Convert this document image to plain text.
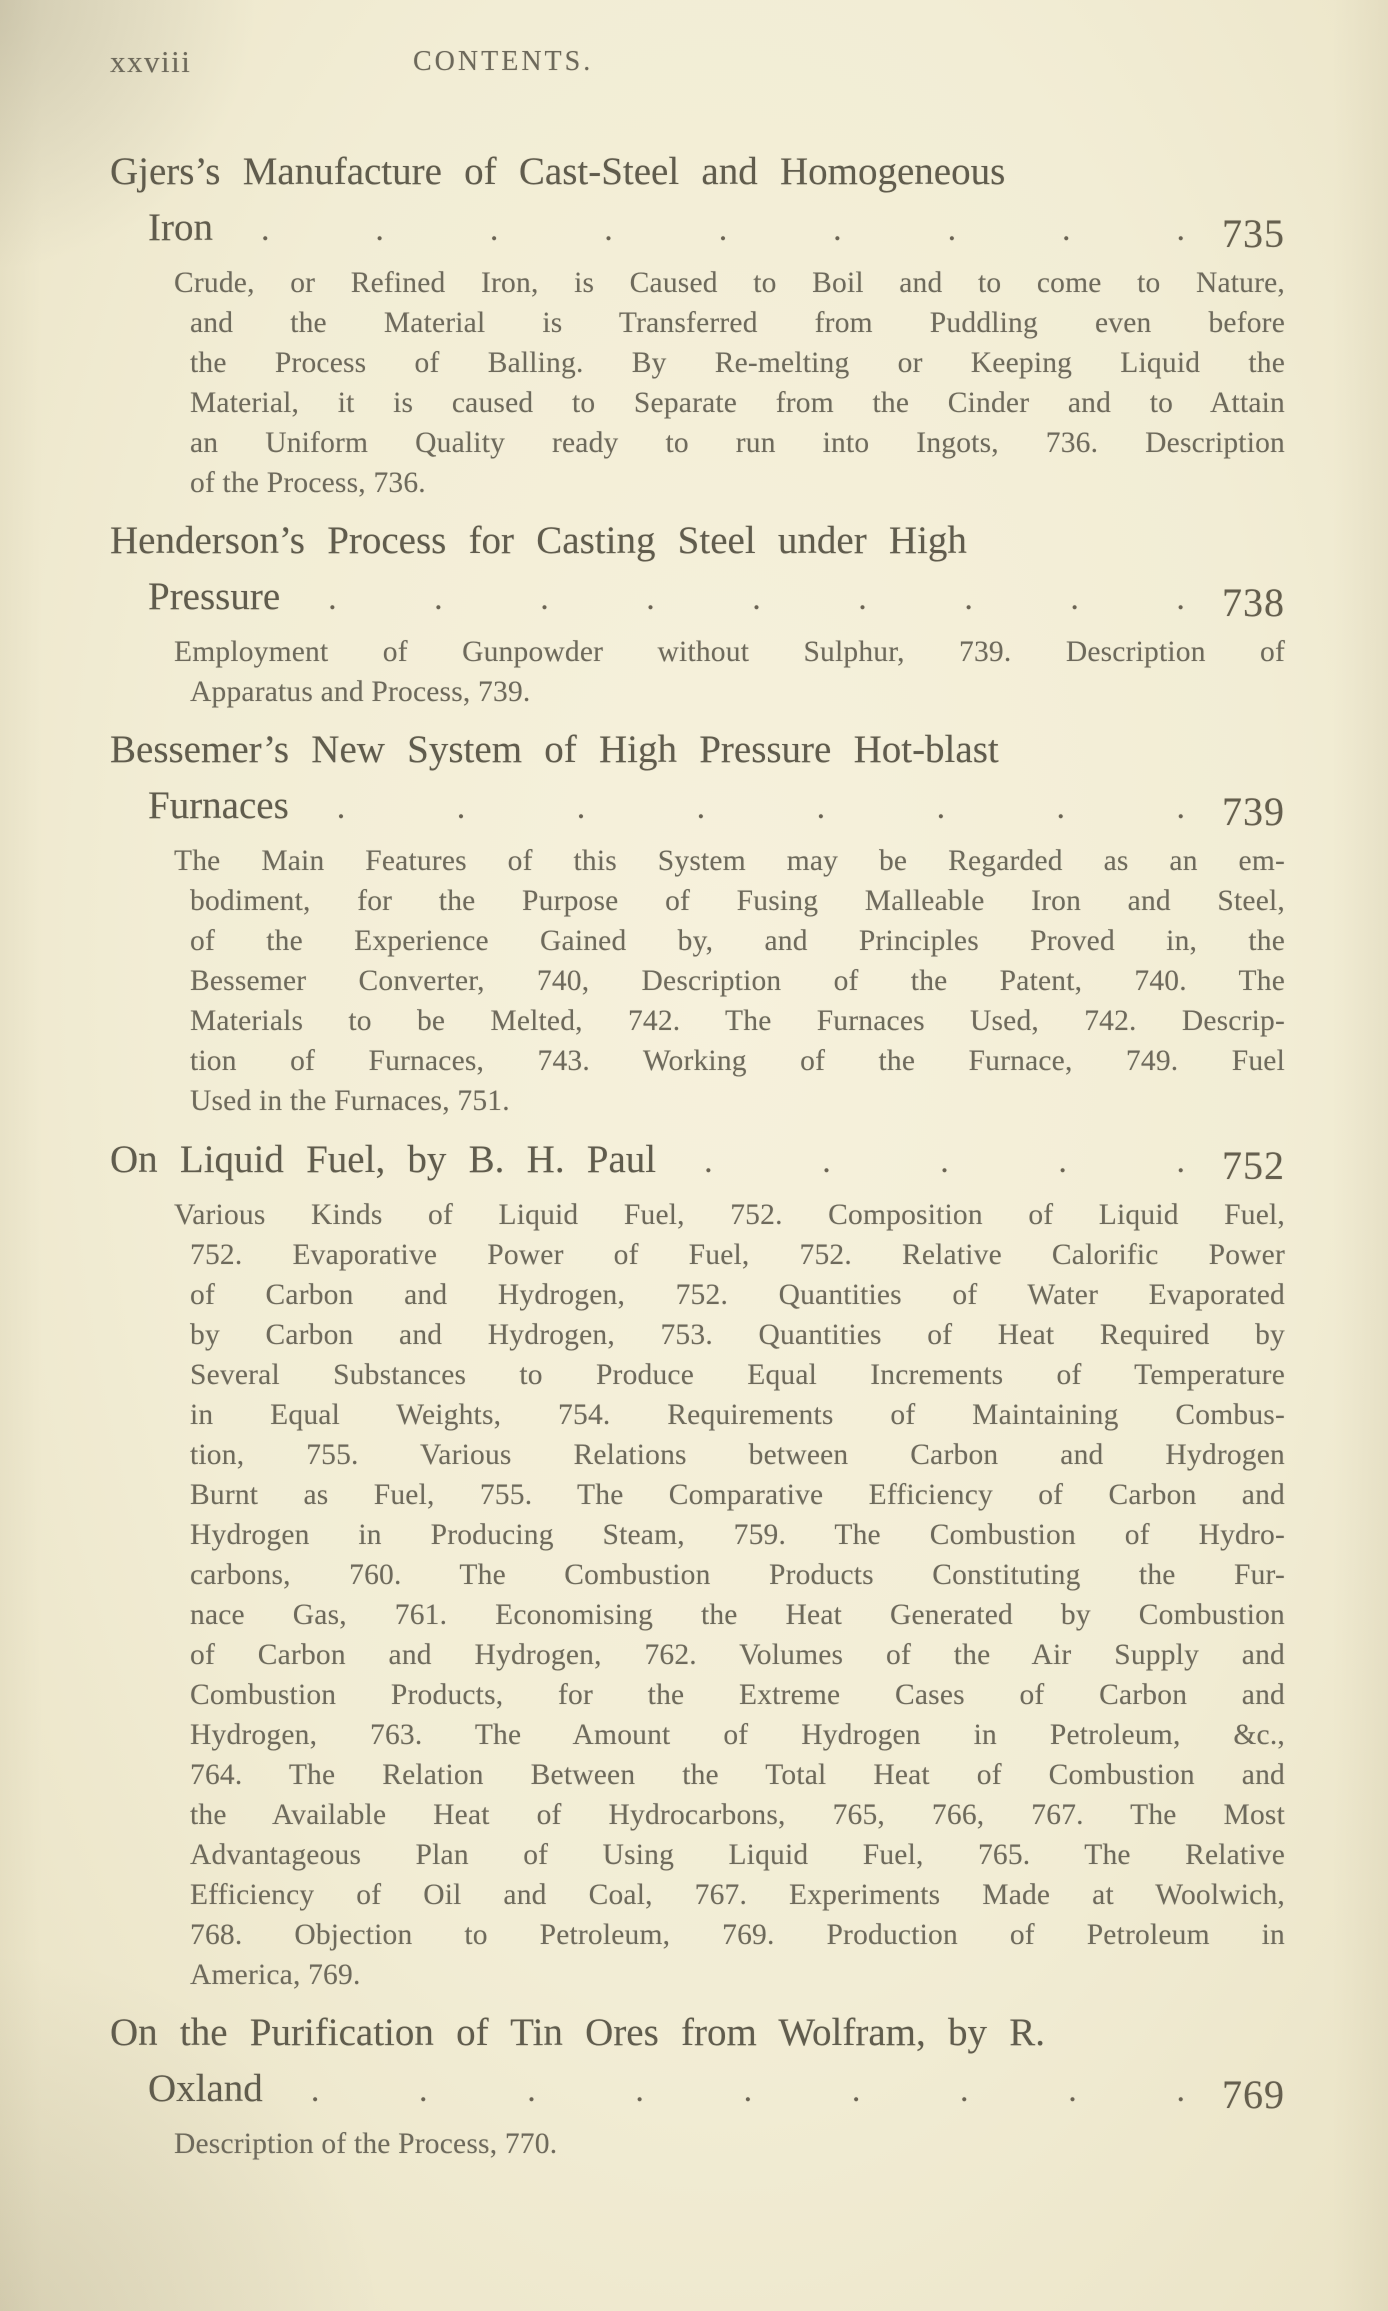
xxviii	CONTENTS.
Gjers’s Manufacture of Cast-Steel and Homogeneous
Iron .	.	.	.	.	.	.	.	. 735
Crude, or Refined Iron, is Caused to Boil and to come to Nature,
and the Material is Transferred from Puddling even before
the Process of Balling. By Re-melting or Keeping Liquid the
Material, it is caused to Separate from the Cinder and to Attain
an Uniform Quality ready to run into Ingots, 736. Description
of the Process, 736.
Henderson’s Process for Casting Steel under High
Pressure .	.	.	.	.	.	.	.	. 738
Employment of Gunpowder without Sulphur, 739. Description of
Apparatus and Process, 739.
Bessemer’s New System of High Pressure Hot-blast
Furnaces .	.	.	.	.	.	.	. 739
The Main Features of this System may be Regarded as an em-
bodiment, for the Purpose of Fusing Malleable Iron and Steel,
of the Experience Gained by, and Principles Proved in, the
Bessemer Converter, 740, Description of the Patent, 740. The
Materials to be Melted, 742. The Furnaces Used, 742. Descrip-
tion of Furnaces, 743. Working of the Furnace, 749. Fuel
Used in the Furnaces, 751.
On Liquid Fuel, by B. H. Paul .	.	.	.	. 752
Various Kinds of Liquid Fuel, 752. Composition of Liquid Fuel,
752. Evaporative Power of Fuel, 752. Relative Calorific Power
of Carbon and Hydrogen, 752. Quantities of Water Evaporated
by Carbon and Hydrogen, 753. Quantities of Heat Required by
Several Substances to Produce Equal Increments of Temperature
in Equal Weights, 754. Requirements of Maintaining Combus-
tion, 755. Various Relations between Carbon and Hydrogen
Burnt as Fuel, 755. The Comparative Efficiency of Carbon and
Hydrogen in Producing Steam, 759. The Combustion of Hydro-
carbons, 760. The Combustion Products Constituting the Fur-
nace Gas, 761. Economising the Heat Generated by Combustion
of Carbon and Hydrogen, 762. Volumes of the Air Supply and
Combustion Products, for the Extreme Cases of Carbon and
Hydrogen, 763. The Amount of Hydrogen in Petroleum, &c.,
764. The Relation Between the Total Heat of Combustion and
the Available Heat of Hydrocarbons, 765, 766, 767. The Most
Advantageous Plan of Using Liquid Fuel, 765. The Relative
Efficiency of Oil and Coal, 767. Experiments Made at Woolwich,
768. Objection to Petroleum, 769. Production of Petroleum in
America, 769.
On the Purification of Tin Ores from Wolfram, by R.
Oxland .	.	.	.	.	.	.	.	. 769
Description of the Process, 770.
